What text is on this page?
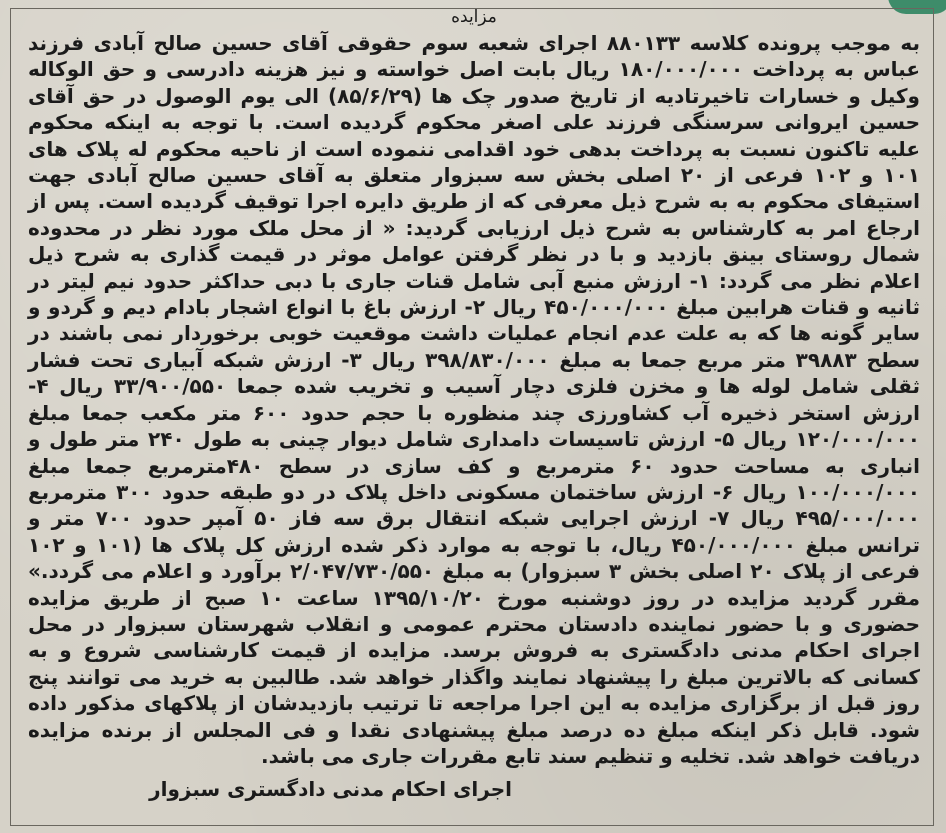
مزایده

به موجب پرونده کلاسه ۸۸۰۱۳۳ اجرای شعبه سوم حقوقی آقای حسین صالح آبادی فرزند عباس به پرداخت ۱۸۰/۰۰۰/۰۰۰ ریال بابت اصل خواسته و نیز هزینه دادرسی و حق الوکاله وکیل و خسارات تاخیرتادیه از تاریخ صدور چک ها (۸۵/۶/۲۹) الی یوم الوصول در حق آقای حسین ایروانی سرسنگی فرزند علی اصغر محکوم گردیده است. با توجه به اینکه محکوم علیه تاکنون نسبت به پرداخت بدهی خود اقدامی ننموده است از ناحیه محکوم له پلاک های ۱۰۱ و ۱۰۲ فرعی از ۲۰ اصلی بخش سه سبزوار متعلق به آقای حسین صالح آبادی جهت استیفای محکوم به به شرح ذیل معرفی که از طریق دایره اجرا توقیف گردیده است. پس از ارجاع امر به کارشناس به شرح ذیل ارزیابی گردید: « از محل ملک مورد نظر در محدوده شمال روستای بینق بازدید و با در نظر گرفتن عوامل موثر در قیمت گذاری به شرح ذیل اعلام نظر می گردد: ۱- ارزش منبع آبی شامل قنات جاری با دبی حداکثر حدود نیم لیتر در ثانیه و قنات هرابین مبلغ ۴۵۰/۰۰۰/۰۰۰ ریال ۲- ارزش باغ با انواع اشجار بادام دیم و گردو و سایر گونه ها که به علت عدم انجام عملیات داشت موقعیت خوبی برخوردار نمی باشند در سطح ۳۹۸۸۳ متر مربع جمعا به مبلغ ۳۹۸/۸۳۰/۰۰۰ ریال ۳- ارزش شبکه آبیاری تحت فشار ثقلی شامل لوله ها و مخزن فلزی دچار آسیب و تخریب شده جمعا ۳۳/۹۰۰/۵۵۰ ریال ۴- ارزش استخر ذخیره آب کشاورزی چند منظوره با حجم حدود ۶۰۰ متر مکعب جمعا مبلغ ۱۲۰/۰۰۰/۰۰۰ ریال ۵- ارزش تاسیسات دامداری شامل دیوار چینی به طول ۲۴۰ متر طول و انباری به مساحت حدود ۶۰ مترمربع و کف سازی در سطح ۴۸۰مترمربع جمعا مبلغ ۱۰۰/۰۰۰/۰۰۰ ریال ۶- ارزش ساختمان مسکونی داخل پلاک در دو طبقه حدود ۳۰۰ مترمربع ۴۹۵/۰۰۰/۰۰۰ ریال ۷- ارزش اجرایی شبکه انتقال برق سه فاز ۵۰ آمپر حدود ۷۰۰ متر و ترانس مبلغ ۴۵۰/۰۰۰/۰۰۰ ریال، با توجه به موارد ذکر شده ارزش کل پلاک ها (۱۰۱ و ۱۰۲ فرعی از پلاک ۲۰ اصلی بخش ۳ سبزوار) به مبلغ ۲/۰۴۷/۷۳۰/۵۵۰ برآورد و اعلام می گردد.» مقرر گردید مزایده در روز دوشنبه مورخ ۱۳۹۵/۱۰/۲۰ ساعت ۱۰ صبح از طریق مزایده حضوری و با حضور نماینده دادستان محترم عمومی و انقلاب شهرستان سبزوار در محل اجرای احکام مدنی دادگستری به فروش برسد. مزایده از قیمت کارشناسی شروع و به کسانی که بالاترین مبلغ را پیشنهاد نمایند واگذار خواهد شد. طالبین به خرید می توانند پنج روز قبل از برگزاری مزایده به این اجرا مراجعه تا ترتیب بازدیدشان از پلاکهای مذکور داده شود. قابل ذکر اینکه مبلغ ده درصد مبلغ پیشنهادی نقدا و فی المجلس از برنده مزایده دریافت خواهد شد. تخلیه و تنظیم سند تابع مقررات جاری می باشد.

اجرای احکام مدنی دادگستری سبزوار
